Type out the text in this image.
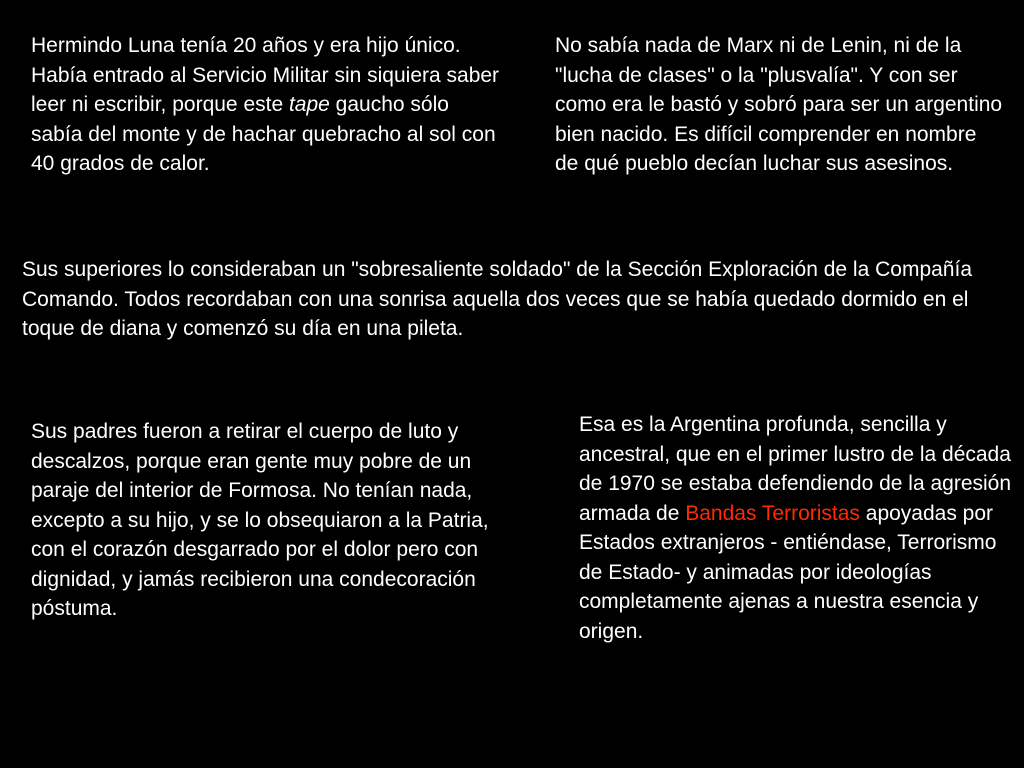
Hermindo Luna tenía 20 años y era hijo único. Había entrado al Servicio Militar sin siquiera saber leer ni escribir, porque este tape gaucho sólo sabía del monte y de hachar quebracho al sol con 40 grados de calor.

No sabía nada de Marx ni de Lenin, ni de la "lucha de clases" o la "plusvalía". Y con ser como era le bastó y sobró para ser un argentino bien nacido. Es difícil comprender en nombre de qué pueblo decían luchar sus asesinos.

Sus superiores lo consideraban un "sobresaliente soldado" de la Sección Exploración de la Compañía Comando. Todos recordaban con una sonrisa aquella dos veces que se había quedado dormido en el toque de diana y comenzó su día en una pileta.

Sus padres fueron a retirar el cuerpo de luto y descalzos, porque eran gente muy pobre de un paraje del interior de Formosa. No tenían nada, excepto a su hijo, y se lo obsequiaron a la Patria, con el corazón desgarrado por el dolor pero con dignidad, y jamás recibieron una condecoración póstuma.

Esa es la Argentina profunda, sencilla y ancestral, que en el primer lustro de la década de 1970 se estaba defendiendo de la agresión armada de Bandas Terroristas apoyadas por Estados extranjeros - entiéndase, Terrorismo de Estado- y animadas por ideologías completamente ajenas a nuestra esencia y origen.
